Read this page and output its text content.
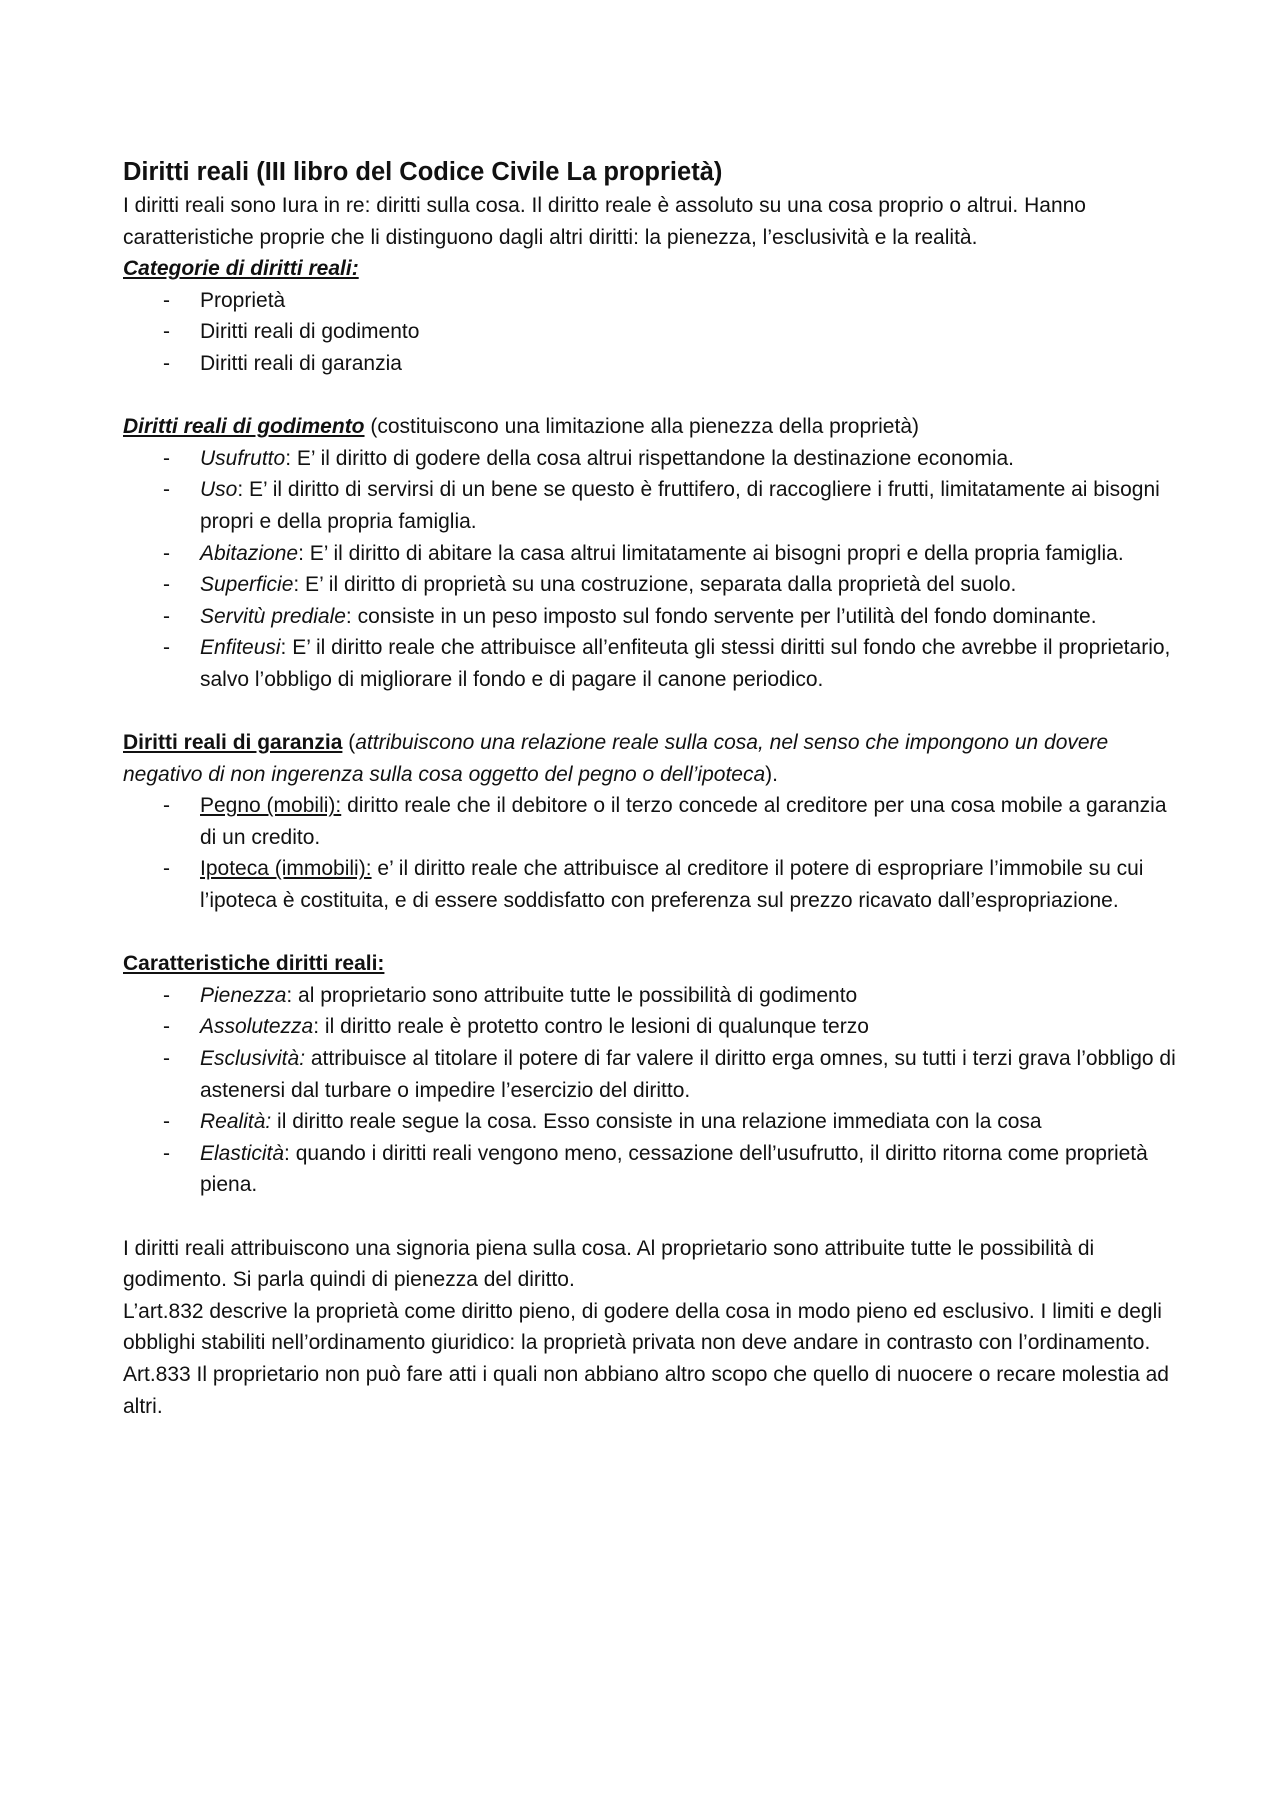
Diritti reali (III libro del Codice Civile La proprietà)

I diritti reali sono Iura in re: diritti sulla cosa. Il diritto reale è assoluto su una cosa proprio o altrui. Hanno caratteristiche proprie che li distinguono dagli altri diritti: la pienezza, l’esclusività e la realità.

Categorie di diritti reali:

- Proprietà
- Diritti reali di godimento
- Diritti reali di garanzia

Diritti reali di godimento (costituiscono una limitazione alla pienezza della proprietà)

- Usufrutto: E’ il diritto di godere della cosa altrui rispettandone la destinazione economia.
- Uso: E’ il diritto di servirsi di un bene se questo è fruttifero, di raccogliere i frutti, limitatamente ai bisogni propri e della propria famiglia.
- Abitazione: E’ il diritto di abitare la casa altrui limitatamente ai bisogni propri e della propria famiglia.
- Superficie: E’ il diritto di proprietà su una costruzione, separata dalla proprietà del suolo.
- Servitù prediale: consiste in un peso imposto sul fondo servente per l’utilità del fondo dominante.
- Enfiteusi: E’ il diritto reale che attribuisce all’enfiteuta gli stessi diritti sul fondo che avrebbe il proprietario, salvo l’obbligo di migliorare il fondo e di pagare il canone periodico.

Diritti reali di garanzia (attribuiscono una relazione reale sulla cosa, nel senso che impongono un dovere negativo di non ingerenza sulla cosa oggetto del pegno o dell’ipoteca).

- Pegno (mobili): diritto reale che il debitore o il terzo concede al creditore per una cosa mobile a garanzia di un credito.
- Ipoteca (immobili): e’ il diritto reale che attribuisce al creditore il potere di espropriare l’immobile su cui l’ipoteca è costituita, e di essere soddisfatto con preferenza sul prezzo ricavato dall’espropriazione.

Caratteristiche diritti reali:

- Pienezza: al proprietario sono attribuite tutte le possibilità di godimento
- Assolutezza: il diritto reale è protetto contro le lesioni di qualunque terzo
- Esclusività: attribuisce al titolare il potere di far valere il diritto erga omnes, su tutti i terzi grava l’obbligo di astenersi dal turbare o impedire l’esercizio del diritto.
- Realità: il diritto reale segue la cosa. Esso consiste in una relazione immediata con la cosa
- Elasticità: quando i diritti reali vengono meno, cessazione dell’usufrutto, il diritto ritorna come proprietà piena.

I diritti reali attribuiscono una signoria piena sulla cosa. Al proprietario sono attribuite tutte le possibilità di godimento. Si parla quindi di pienezza del diritto.

L’art.832 descrive la proprietà come diritto pieno, di godere della cosa in modo pieno ed esclusivo. I limiti e degli obblighi stabiliti nell’ordinamento giuridico: la proprietà privata non deve andare in contrasto con l’ordinamento.

Art.833 Il proprietario non può fare atti i quali non abbiano altro scopo che quello di nuocere o recare molestia ad altri.
